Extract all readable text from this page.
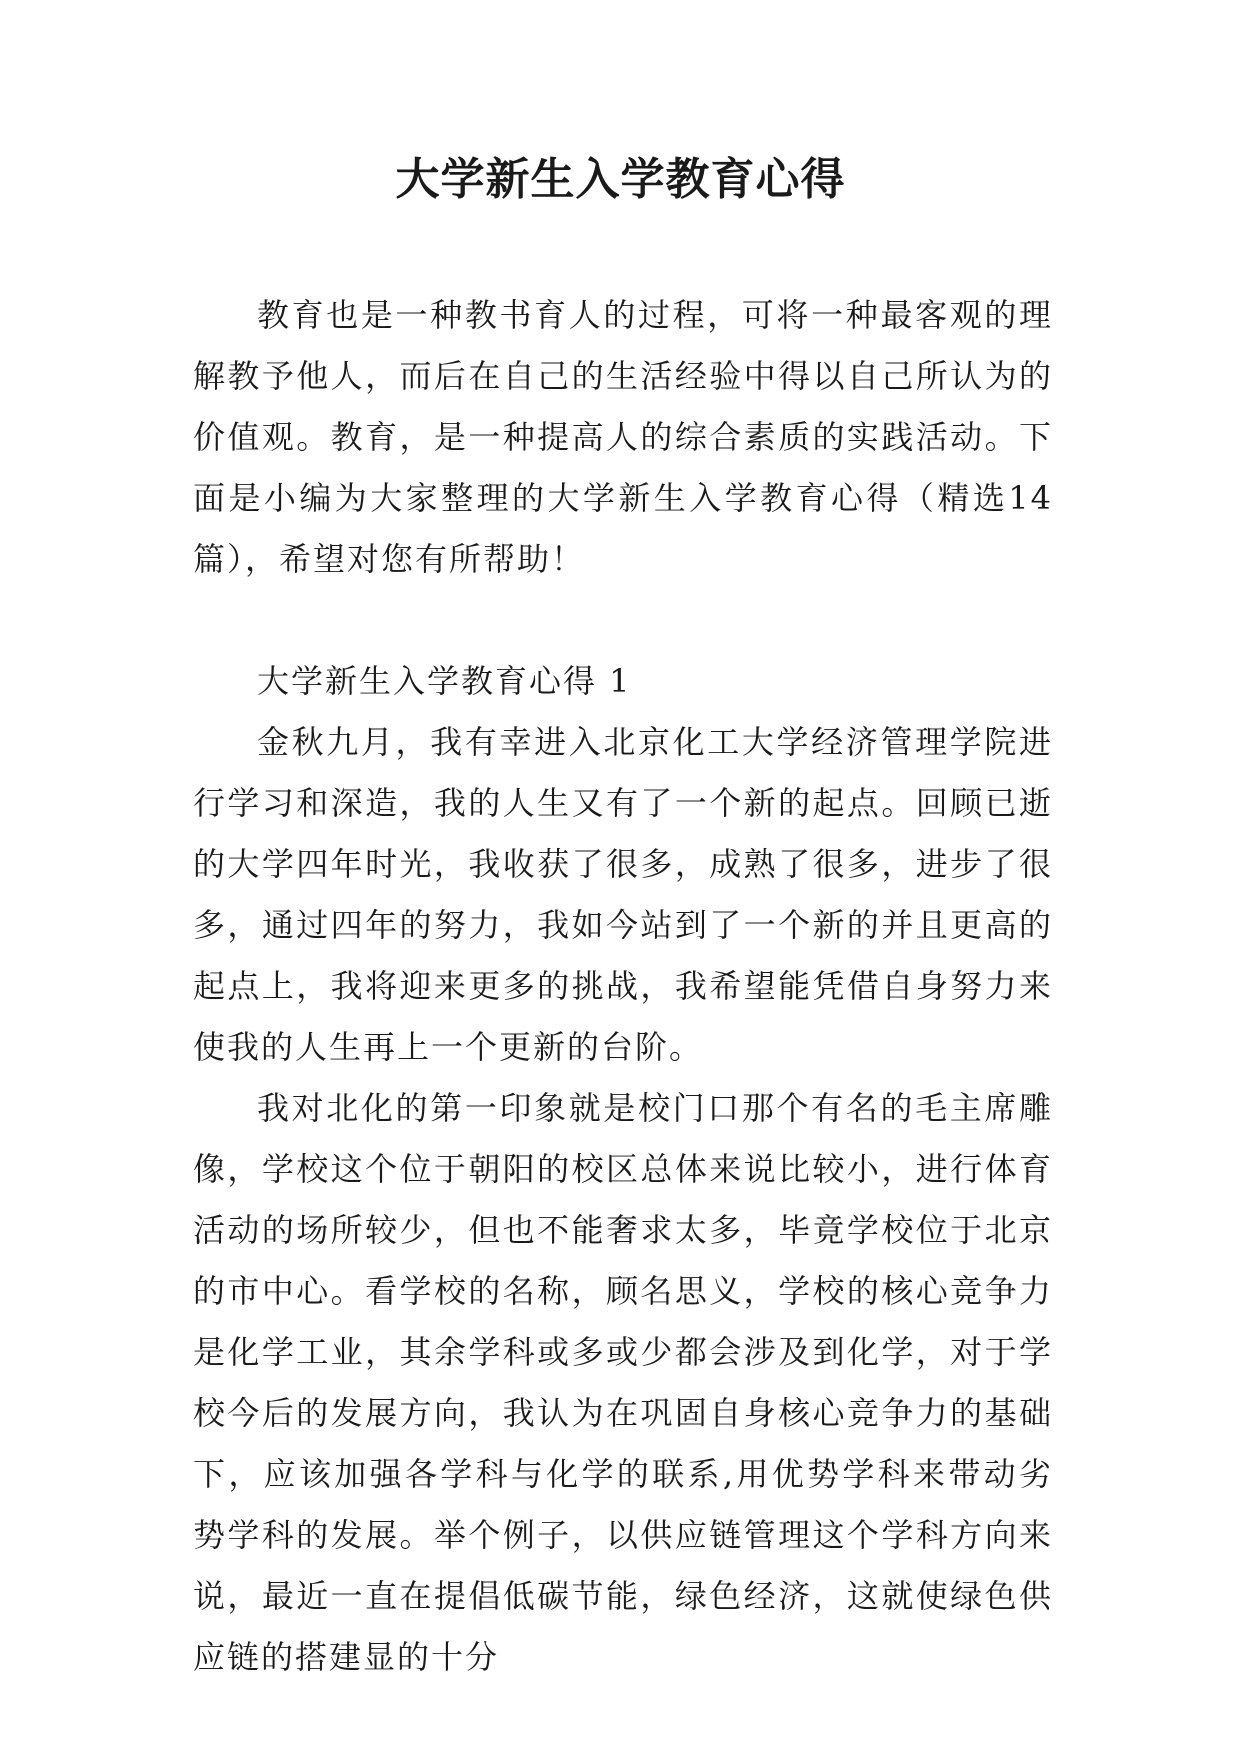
大学新生入学教育心得

教育也是一种教书育人的过程，可将一种最客观的理解教予他人，而后在自己的生活经验中得以自己所认为的价值观。教育，是一种提高人的综合素质的实践活动。下面是小编为大家整理的大学新生入学教育心得（精选14篇），希望对您有所帮助！

大学新生入学教育心得 1

金秋九月，我有幸进入北京化工大学经济管理学院进行学习和深造，我的人生又有了一个新的起点。回顾已逝的大学四年时光，我收获了很多，成熟了很多，进步了很多，通过四年的努力，我如今站到了一个新的并且更高的起点上，我将迎来更多的挑战，我希望能凭借自身努力来使我的人生再上一个更新的台阶。

我对北化的第一印象就是校门口那个有名的毛主席雕像，学校这个位于朝阳的校区总体来说比较小，进行体育活动的场所较少，但也不能奢求太多，毕竟学校位于北京的市中心。看学校的名称，顾名思义，学校的核心竞争力是化学工业，其余学科或多或少都会涉及到化学，对于学校今后的发展方向，我认为在巩固自身核心竞争力的基础下，应该加强各学科与化学的联系,用优势学科来带动劣势学科的发展。举个例子，以供应链管理这个学科方向来说，最近一直在提倡低碳节能，绿色经济，这就使绿色供应链的搭建显的十分
